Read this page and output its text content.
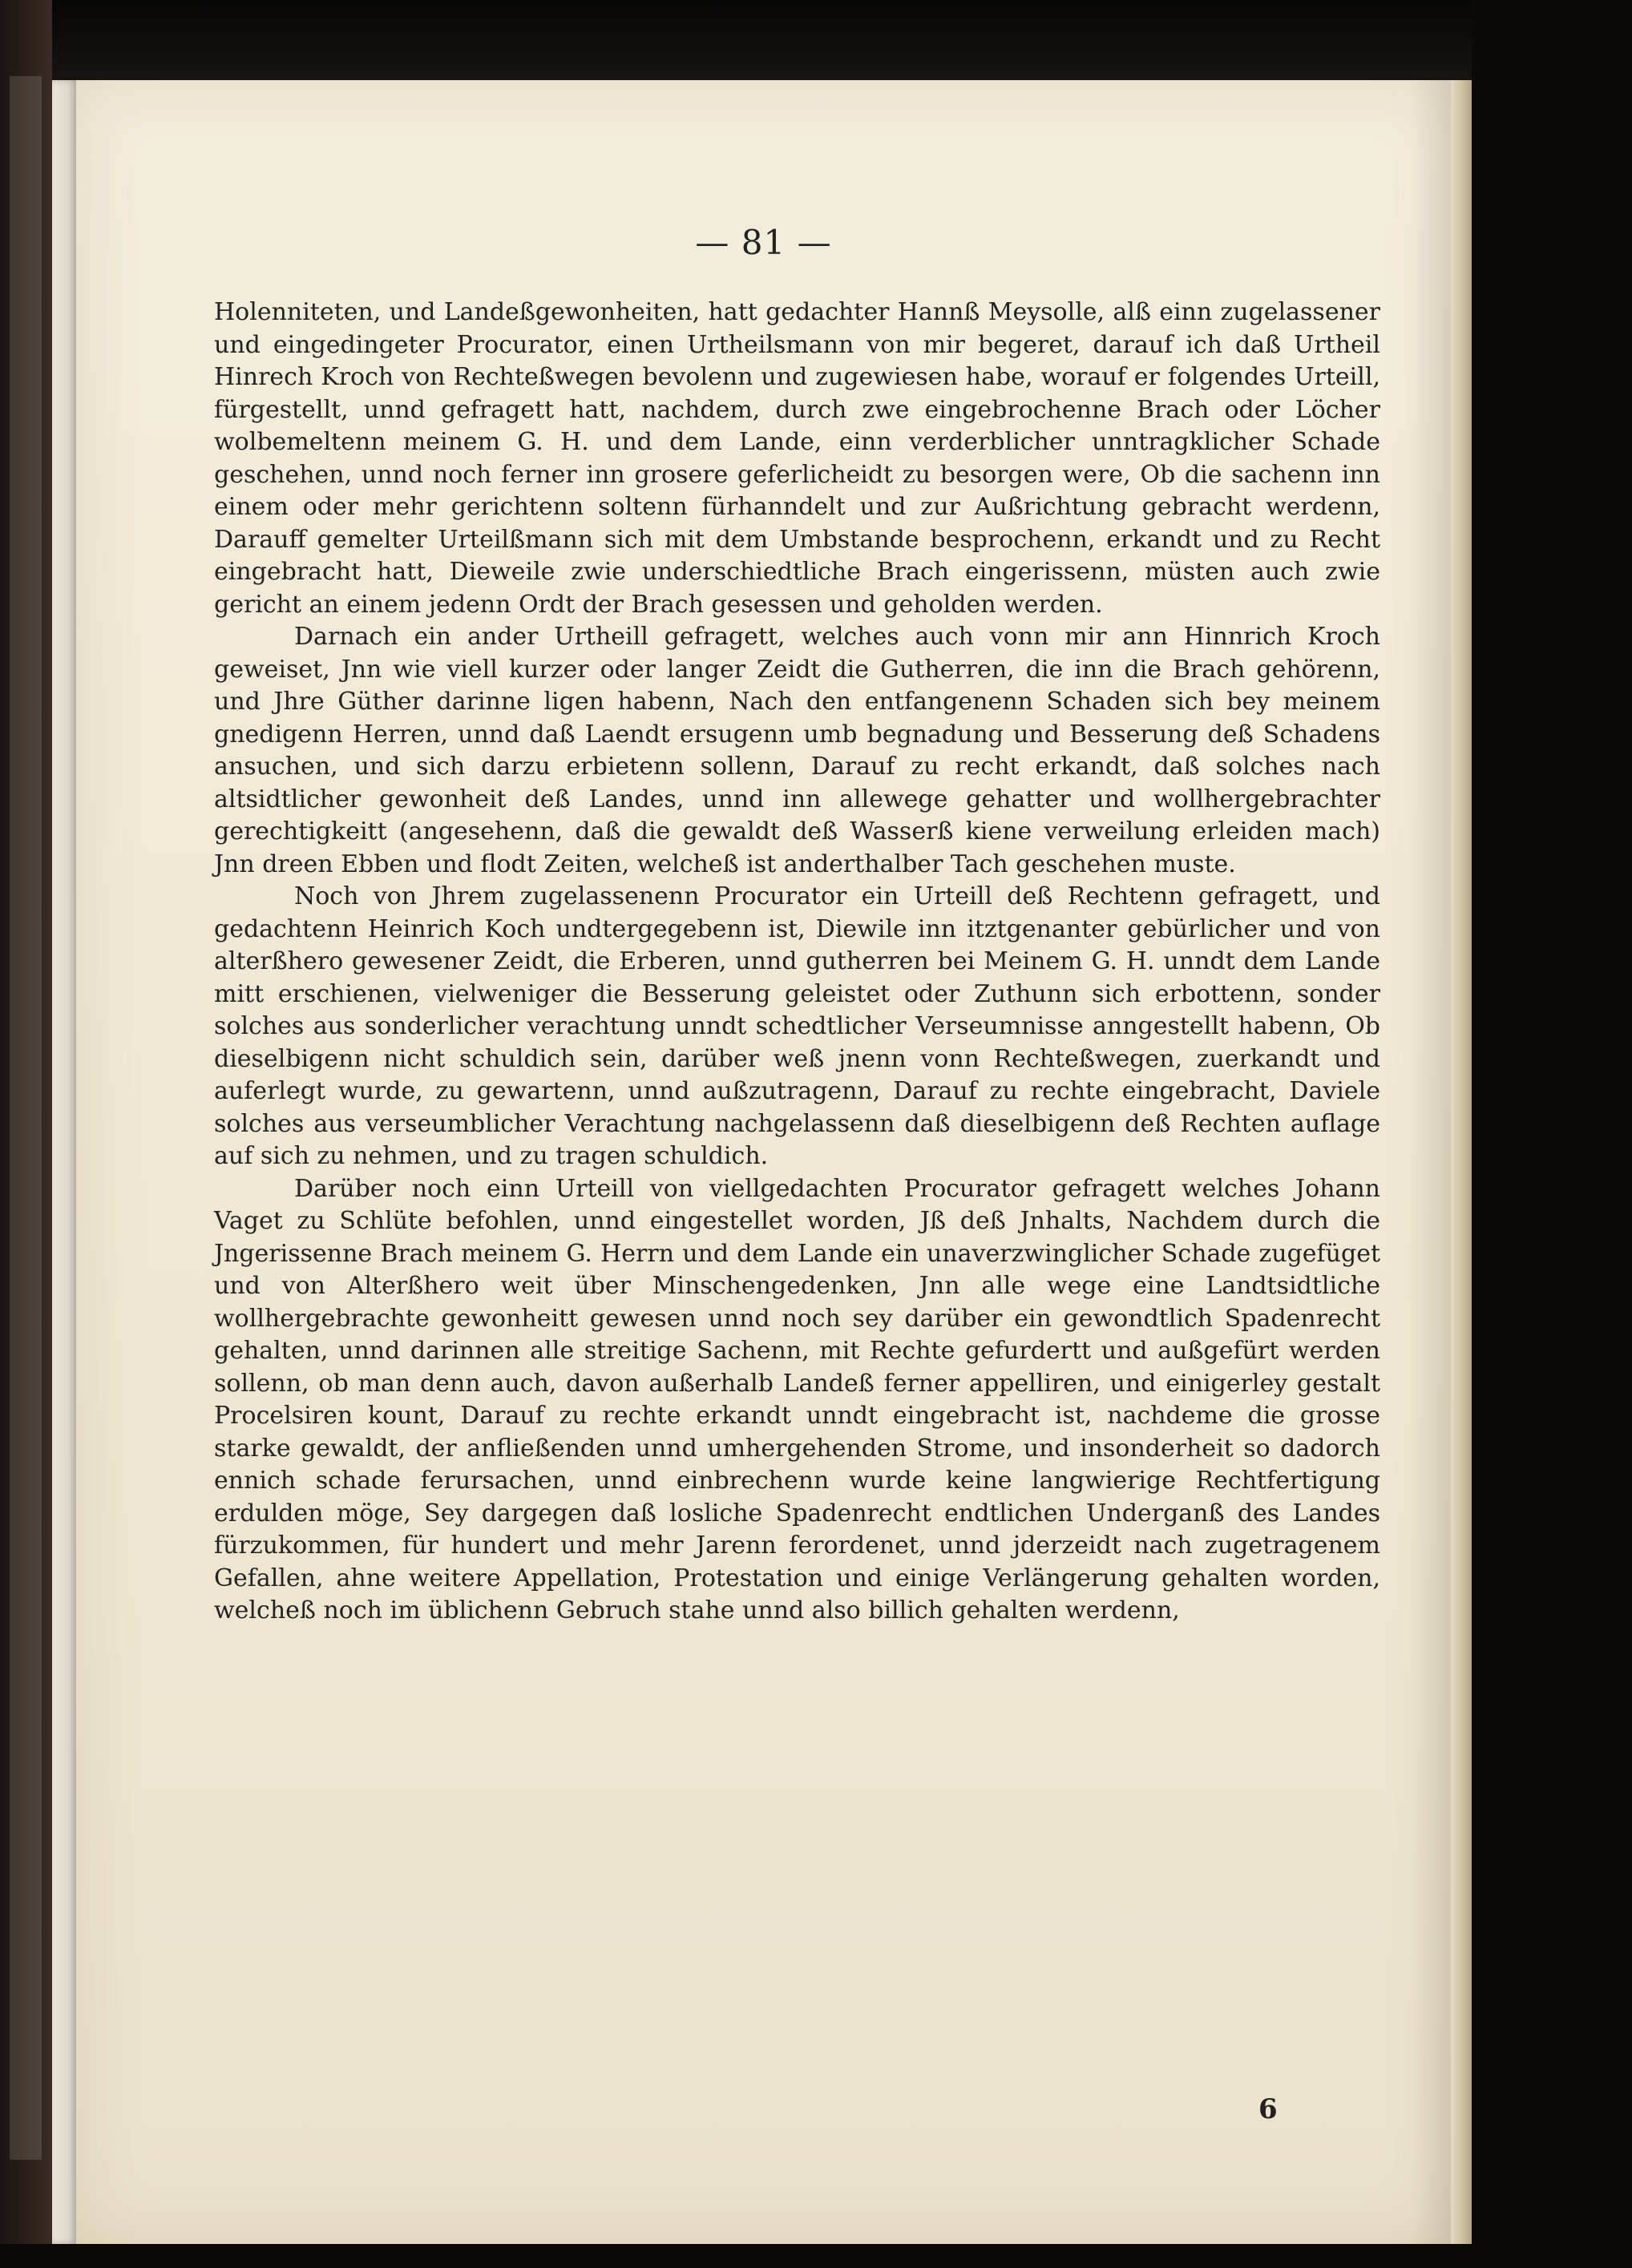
— 81 —

Holenniteten, und Landeßgewonheiten, hatt gedachter Hannß Meysolle, alß einn zugelassener und eingedingeter Procurator, einen Urtheilsmann von mir begeret, darauf ich daß Urtheil Hinrech Kroch von Rechteßwegen bevolenn und zugewiesen habe, worauf er folgendes Urteill, fürgestellt, unnd gefragett hatt, nachdem, durch zwe eingebrochenne Brach oder Löcher wolbemeltenn meinem G. H. und dem Lande, einn verderblicher unntragklicher Schade geschehen, unnd noch ferner inn grosere geferlicheidt zu besorgen were, Ob die sachenn inn einem oder mehr gerichtenn soltenn fürhanndelt und zur Außrichtung gebracht werdenn, Darauff gemelter Urteilßmann sich mit dem Umbstande besprochenn, erkandt und zu Recht eingebracht hatt, Dieweile zwie underschiedtliche Brach eingerissenn, müsten auch zwie gericht an einem jedenn Ordt der Brach gesessen und geholden werden.

Darnach ein ander Urtheill gefragett, welches auch vonn mir ann Hinnrich Kroch geweiset, Jnn wie viell kurzer oder langer Zeidt die Gutherren, die inn die Brach gehörenn, und Jhre Güther darinne ligen habenn, Nach den entfangenenn Schaden sich bey meinem gnedigenn Herren, unnd daß Laendt ersugenn umb begnadung und Besserung deß Schadens ansuchen, und sich darzu erbietenn sollenn, Darauf zu recht erkandt, daß solches nach altsidtlicher gewonheit deß Landes, unnd inn allewege gehatter und wollhergebrachter gerechtigkeitt (angesehenn, daß die gewaldt deß Wasserß kiene verweilung erleiden mach) Jnn dreen Ebben und flodt Zeiten, welcheß ist anderthalber Tach geschehen muste.

Noch von Jhrem zugelassenenn Procurator ein Urteill deß Rechtenn gefragett, und gedachtenn Heinrich Koch undtergegebenn ist, Diewile inn itztgenanter gebürlicher und von alterßhero gewesener Zeidt, die Erberen, unnd gutherren bei Meinem G. H. unndt dem Lande mitt erschienen, vielweniger die Besserung geleistet oder Zuthunn sich erbottenn, sonder solches aus sonderlicher verachtung unndt schedtlicher Verseumnisse anngestellt habenn, Ob dieselbigenn nicht schuldich sein, darüber weß jnenn vonn Rechteßwegen, zuerkandt und auferlegt wurde, zu gewartenn, unnd außzutragenn, Darauf zu rechte eingebracht, Daviele solches aus verseumblicher Verachtung nachgelassenn daß dieselbigenn deß Rechten auflage auf sich zu nehmen, und zu tragen schuldich.

Darüber noch einn Urteill von viellgedachten Procurator gefragett welches Johann Vaget zu Schlüte befohlen, unnd eingestellet worden, Jß deß Jnhalts, Nachdem durch die Jngerissenne Brach meinem G. Herrn und dem Lande ein unaverzwinglicher Schade zugefüget und von Alterßhero weit über Minschengedenken, Jnn alle wege eine Landtsidtliche wollhergebrachte gewonheitt gewesen unnd noch sey darüber ein gewondtlich Spadenrecht gehalten, unnd darinnen alle streitige Sachenn, mit Rechte gefurdertt und außgefürt werden sollenn, ob man denn auch, davon außerhalb Landeß ferner appelliren, und einigerley gestalt Procelsiren kount, Darauf zu rechte erkandt unndt eingebracht ist, nachdeme die grosse starke gewaldt, der anfließenden unnd umhergehenden Strome, und insonderheit so dadorch ennich schade ferursachen, unnd einbrechenn wurde keine langwierige Rechtfertigung erdulden möge, Sey dargegen daß losliche Spadenrecht endtlichen Underganß des Landes fürzukommen, für hundert und mehr Jarenn ferordenet, unnd jderzeidt nach zugetragenem Gefallen, ahne weitere Appellation, Protestation und einige Verlängerung gehalten worden, welcheß noch im üblichenn Gebruch stahe unnd also billich gehalten werdenn,

6
